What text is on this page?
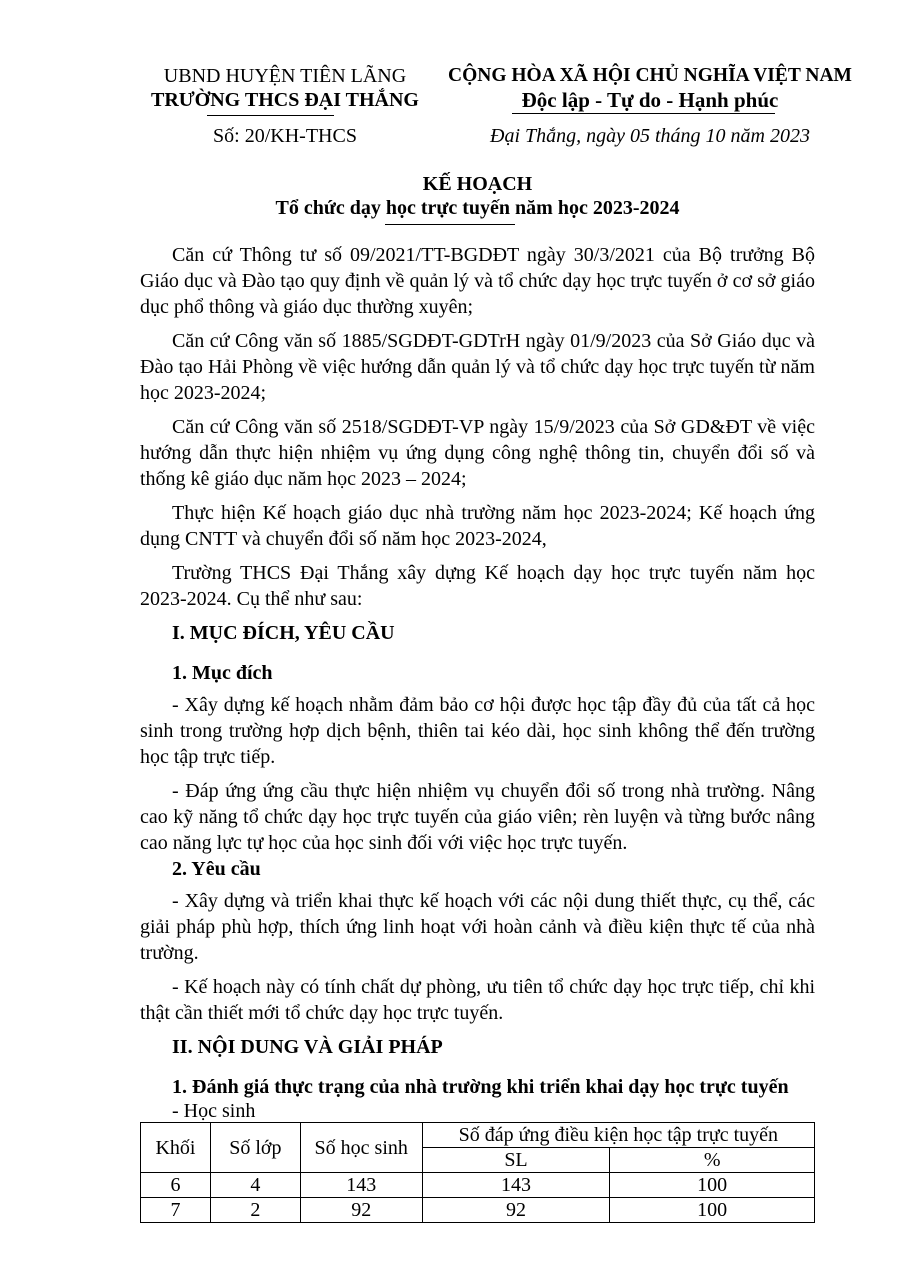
UBND HUYỆN TIÊN LÃNG
TRƯỜNG THCS ĐẠI THẮNG
CỘNG HÒA XÃ HỘI CHỦ NGHĨA VIỆT NAM
Độc lập - Tự do - Hạnh phúc
Số: 20/KH-THCS	Đại Thắng, ngày 05 tháng 10 năm 2023
KẾ HOẠCH
Tổ chức dạy học trực tuyến năm học 2023-2024

Căn cứ Thông tư số 09/2021/TT-BGDĐT ngày 30/3/2021 của Bộ trưởng Bộ Giáo dục và Đào tạo quy định về quản lý và tổ chức dạy học trực tuyến ở cơ sở giáo dục phổ thông và giáo dục thường xuyên;

Căn cứ Công văn số 1885/SGDĐT-GDTrH ngày 01/9/2023 của Sở Giáo dục và Đào tạo Hải Phòng về việc hướng dẫn quản lý và tổ chức dạy học trực tuyến từ năm học 2023-2024;

Căn cứ Công văn số 2518/SGDĐT-VP ngày 15/9/2023 của Sở GD&ĐT về việc hướng dẫn thực hiện nhiệm vụ ứng dụng công nghệ thông tin, chuyển đổi số và thống kê giáo dục năm học 2023 – 2024;

Thực hiện Kế hoạch giáo dục nhà trường năm học 2023-2024; Kế hoạch ứng dụng CNTT và chuyển đổi số năm học 2023-2024,

Trường THCS Đại Thắng xây dựng Kế hoạch dạy học trực tuyến năm học 2023-2024. Cụ thể như sau:

I. MỤC ĐÍCH, YÊU CẦU
1. Mục đích

- Xây dựng kế hoạch nhằm đảm bảo cơ hội được học tập đầy đủ của tất cả học sinh trong trường hợp dịch bệnh, thiên tai kéo dài, học sinh không thể đến trường học tập trực tiếp.

- Đáp ứng ứng cầu thực hiện nhiệm vụ chuyển đổi số trong nhà trường. Nâng cao kỹ năng tổ chức dạy học trực tuyến của giáo viên; rèn luyện và từng bước nâng cao năng lực tự học của học sinh đối với việc học trực tuyến.

2. Yêu cầu

- Xây dựng và triển khai thực kế hoạch với các nội dung thiết thực, cụ thể, các giải pháp phù hợp, thích ứng linh hoạt với hoàn cảnh và điều kiện thực tế của nhà trường.

- Kế hoạch này có tính chất dự phòng, ưu tiên tổ chức dạy học trực tiếp, chỉ khi thật cần thiết mới tổ chức dạy học trực tuyến.

II. NỘI DUNG VÀ GIẢI PHÁP
1. Đánh giá thực trạng của nhà trường khi triển khai dạy học trực tuyến
- Học sinh
Khối	Số lớp	Số học sinh	Số đáp ứng điều kiện học tập trực tuyến	
			SL	%
6	4	143	143	100
7	2	92	92	100
